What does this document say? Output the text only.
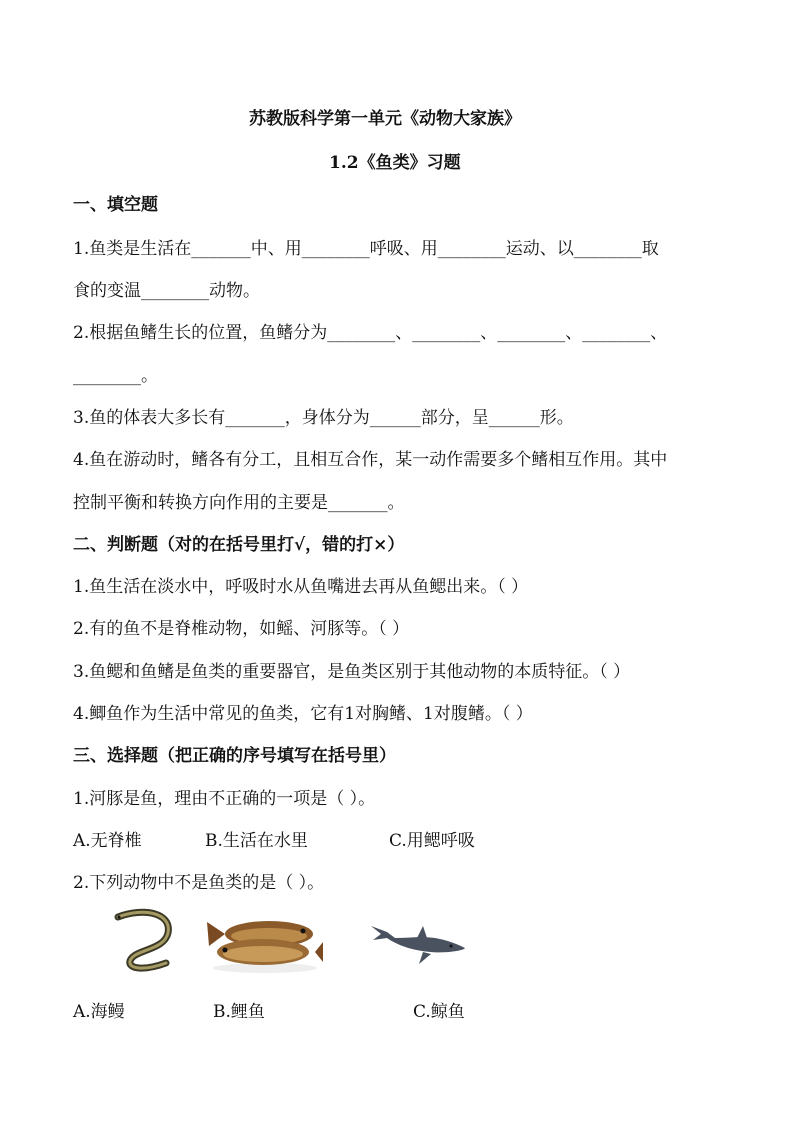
苏教版科学第一单元《动物大家族》
1.2《鱼类》习题
一、填空题
1.鱼类是生活在_______中、用________呼吸、用________运动、以________取
食的变温________动物。
2.根据鱼鳍生长的位置，鱼鳍分为________、________、________、________、
________。
3.鱼的体表大多长有_______，身体分为______部分，呈______形。
4.鱼在游动时，鳍各有分工，且相互合作，某一动作需要多个鳍相互作用。其中
控制平衡和转换方向作用的主要是_______。
二、判断题（对的在括号里打√，错的打×）
1.鱼生活在淡水中，呼吸时水从鱼嘴进去再从鱼鳃出来。（ ）
2.有的鱼不是脊椎动物，如鳐、河豚等。（ ）
3.鱼鳃和鱼鳍是鱼类的重要器官，是鱼类区别于其他动物的本质特征。（ ）
4.鲫鱼作为生活中常见的鱼类，它有1对胸鳍、1对腹鳍。（ ）
三、选择题（把正确的序号填写在括号里）
1.河豚是鱼，理由不正确的一项是（ ）。
A.无脊椎	B.生活在水里	C.用鳃呼吸
2.下列动物中不是鱼类的是（ ）。
A.海鳗	B.鲤鱼	C.鲸鱼
